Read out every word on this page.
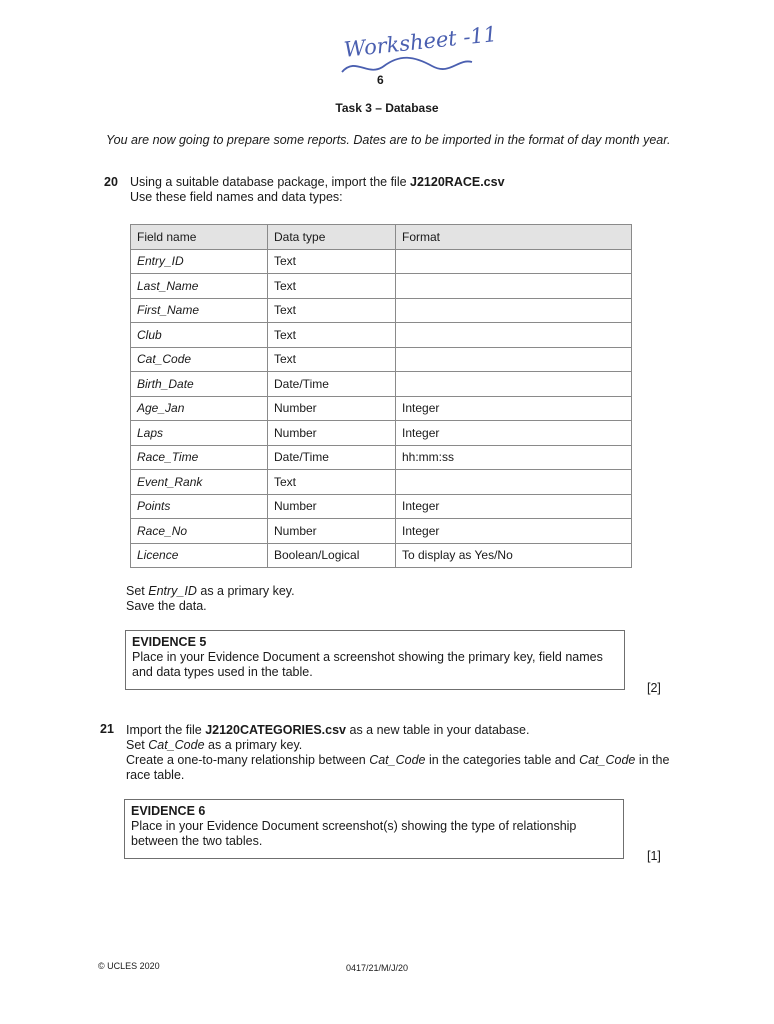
Worksheet -11
6
Task 3 – Database
You are now going to prepare some reports. Dates are to be imported in the format of day month year.
20 Using a suitable database package, import the file J2120RACE.csv
Use these field names and data types:
Field name	Data type	Format
Entry_ID	Text	
Last_Name	Text	
First_Name	Text	
Club	Text	
Cat_Code	Text	
Birth_Date	Date/Time	
Age_Jan	Number	Integer
Laps	Number	Integer
Race_Time	Date/Time	hh:mm:ss
Event_Rank	Text	
Points	Number	Integer
Race_No	Number	Integer
Licence	Boolean/Logical	To display as Yes/No
Set Entry_ID as a primary key.
Save the data.
EVIDENCE 5
Place in your Evidence Document a screenshot showing the primary key, field names and data types used in the table.
[2]
21 Import the file J2120CATEGORIES.csv as a new table in your database.
Set Cat_Code as a primary key.
Create a one-to-many relationship between Cat_Code in the categories table and Cat_Code in the race table.
EVIDENCE 6
Place in your Evidence Document screenshot(s) showing the type of relationship between the two tables.
[1]
© UCLES 2020	0417/21/M/J/20
